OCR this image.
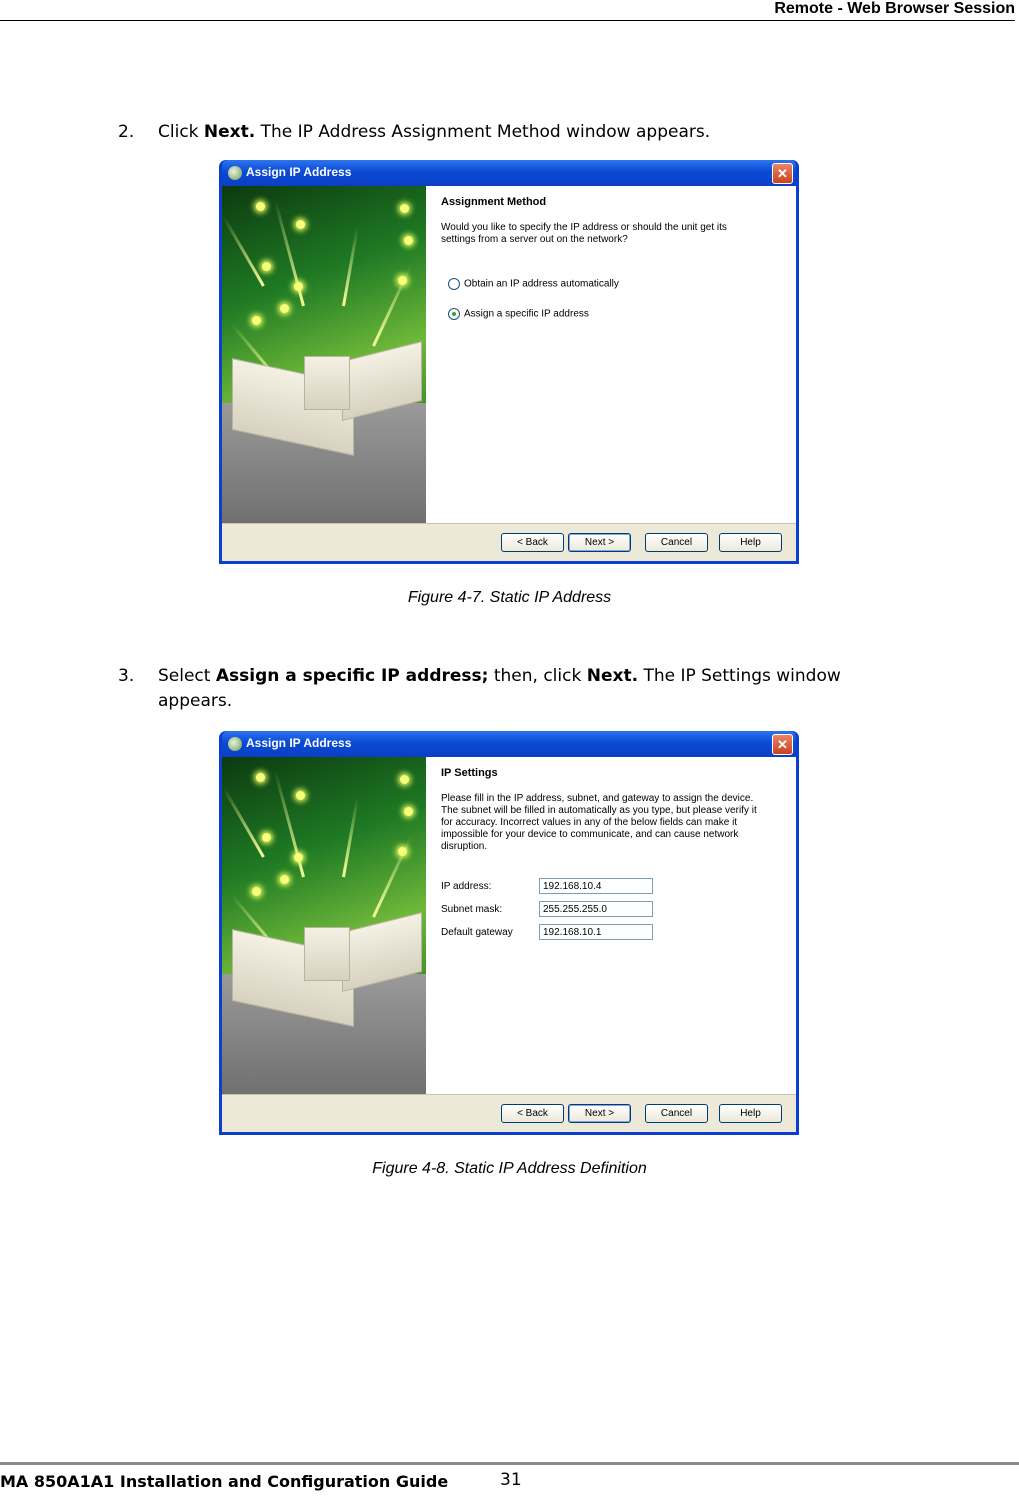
Remote - Web Browser Session
2. Click Next. The IP Address Assignment Method window appears.
Assign IP Address	✕
Assignment Method
Would you like to specify the IP address or should the unit get its settings from a server out on the network?
Obtain an IP address automatically
Assign a specific IP address
< Back	Next >	Cancel	Help
Figure 4-7. Static IP Address
3. Select Assign a specific IP address; then, click Next. The IP Settings window appears.
Assign IP Address	✕
IP Settings
Please fill in the IP address, subnet, and gateway to assign the device. The subnet will be filled in automatically as you type, but please verify it for accuracy. Incorrect values in any of the below fields can make it impossible for your device to communicate, and can cause network disruption.
IP address:	192.168.10.4
Subnet mask:	255.255.255.0
Default gateway	192.168.10.1
< Back	Next >	Cancel	Help
Figure 4-8. Static IP Address Definition
MA 850A1A1 Installation and Configuration Guide	31
